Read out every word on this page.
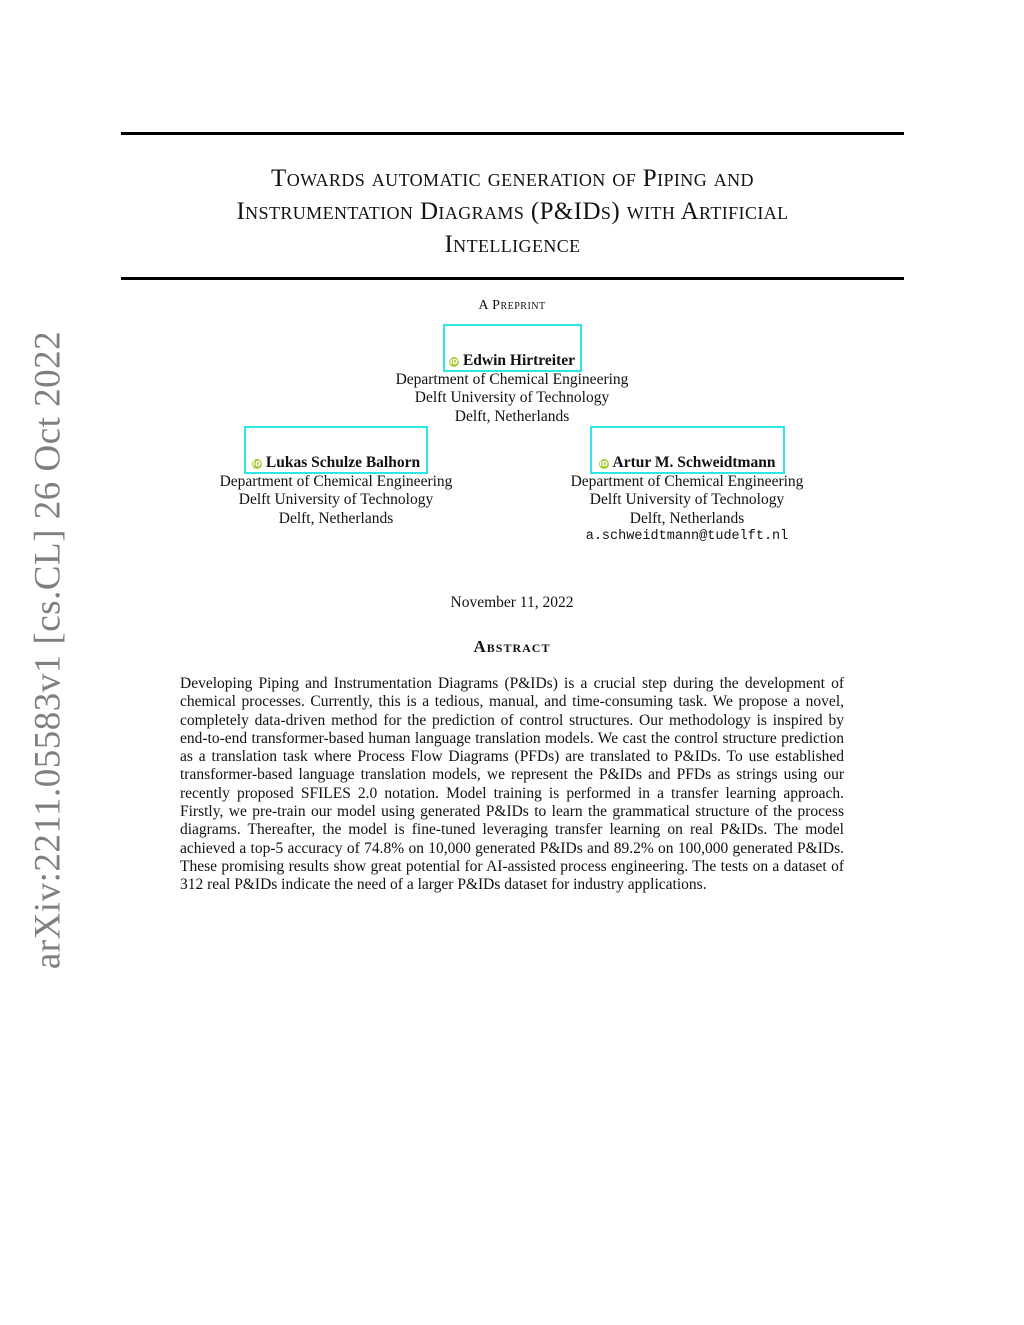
arXiv:2211.05583v1 [cs.CL] 26 Oct 2022
Towards automatic generation of Piping and
Instrumentation Diagrams (P&IDs) with Artificial
Intelligence
A Preprint
iD Edwin Hirtreiter
Department of Chemical Engineering
Delft University of Technology
Delft, Netherlands
iD Lukas Schulze Balhorn
Department of Chemical Engineering
Delft University of Technology
Delft, Netherlands
iD Artur M. Schweidtmann
Department of Chemical Engineering
Delft University of Technology
Delft, Netherlands
a.schweidtmann@tudelft.nl
November 11, 2022
Abstract

Developing Piping and Instrumentation Diagrams (P&IDs) is a crucial step during the development of chemical processes. Currently, this is a tedious, manual, and time-consuming task. We propose a novel, completely data-driven method for the prediction of control structures. Our methodology is inspired by end-to-end transformer-based human language translation models. We cast the control structure prediction as a translation task where Process Flow Diagrams (PFDs) are translated to P&IDs. To use established transformer-based language translation models, we represent the P&IDs and PFDs as strings using our recently proposed SFILES 2.0 notation. Model training is performed in a transfer learning approach. Firstly, we pre-train our model using generated P&IDs to learn the grammatical structure of the process diagrams. Thereafter, the model is fine-tuned leveraging transfer learning on real P&IDs. The model achieved a top-5 accuracy of 74.8% on 10,000 generated P&IDs and 89.2% on 100,000 generated P&IDs. These promising results show great potential for AI-assisted process engineering. The tests on a dataset of 312 real P&IDs indicate the need of a larger P&IDs dataset for industry applications.
